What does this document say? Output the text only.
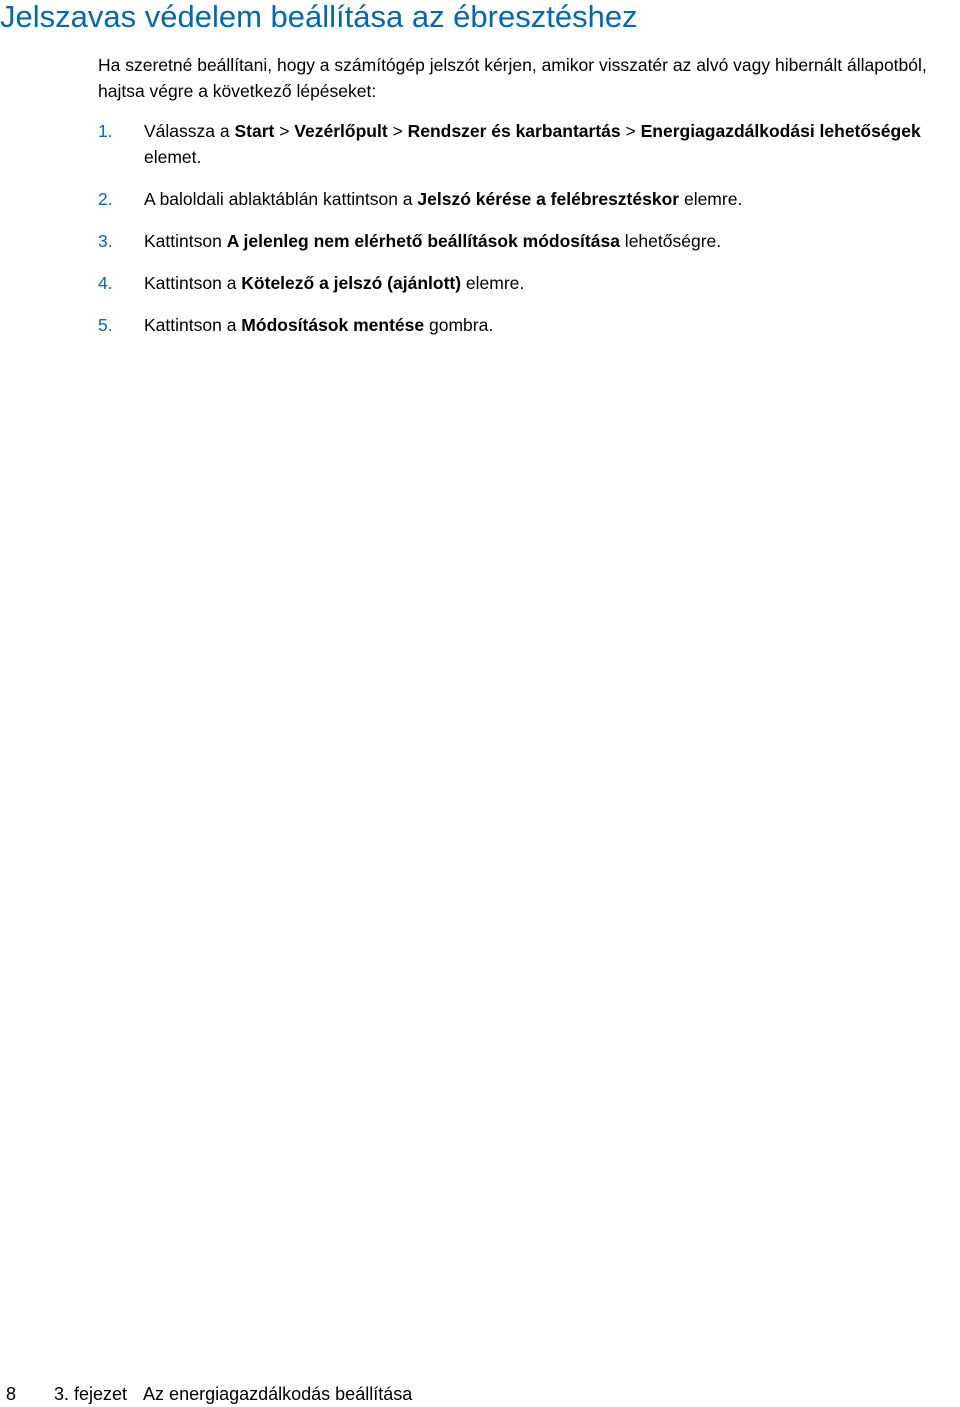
Jelszavas védelem beállítása az ébresztéshez
Ha szeretné beállítani, hogy a számítógép jelszót kérjen, amikor visszatér az alvó vagy hibernált állapotból, hajtsa végre a következő lépéseket:
1. Válassza a Start > Vezérlőpult > Rendszer és karbantartás > Energiagazdálkodási lehetőségek elemet.
2. A baloldali ablaktáblán kattintson a Jelszó kérése a felébresztéskor elemre.
3. Kattintson A jelenleg nem elérhető beállítások módosítása lehetőségre.
4. Kattintson a Kötelező a jelszó (ajánlott) elemre.
5. Kattintson a Módosítások mentése gombra.
8 3. fejezet Az energiagazdálkodás beállítása
